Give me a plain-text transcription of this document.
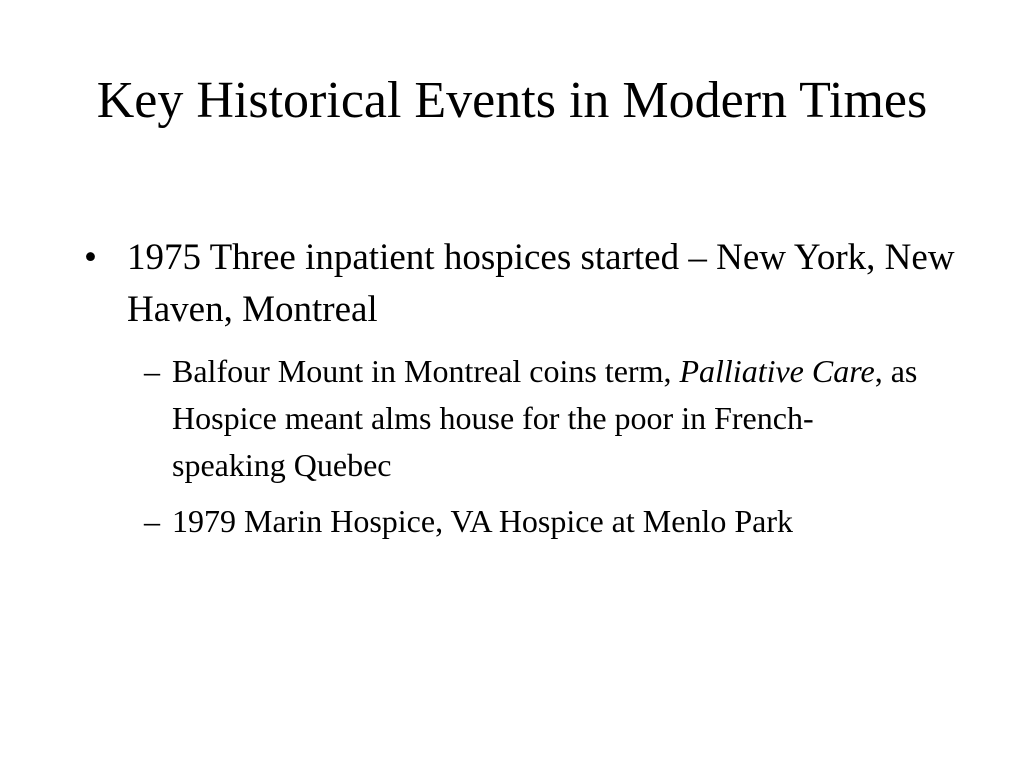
Key Historical Events in Modern Times
• 1975 Three inpatient hospices started – New York, New Haven, Montreal
– Balfour Mount in Montreal coins term, Palliative Care, as Hospice meant alms house for the poor in French-speaking Quebec
– 1979 Marin Hospice, VA Hospice at Menlo Park
